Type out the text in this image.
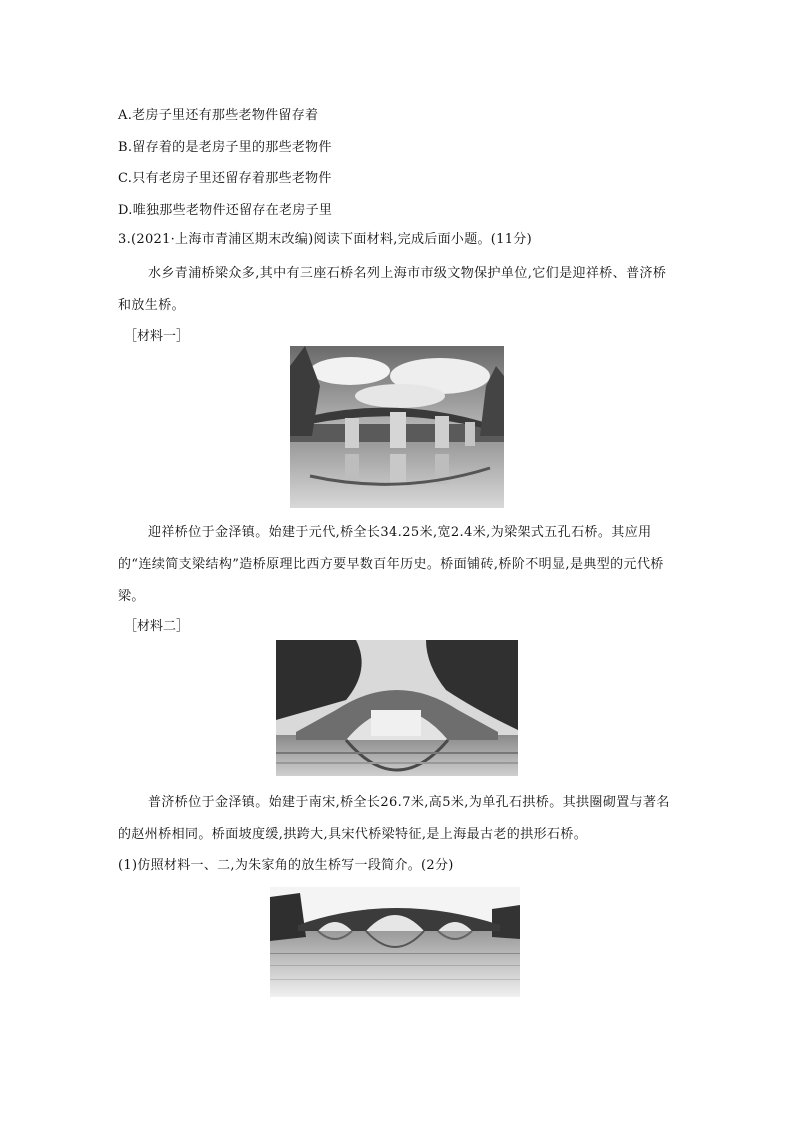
A.老房子里还有那些老物件留存着
B.留存着的是老房子里的那些老物件
C.只有老房子里还留存着那些老物件
D.唯独那些老物件还留存在老房子里
3.(2021·上海市青浦区期末改编)阅读下面材料,完成后面小题。(11分)
水乡青浦桥梁众多,其中有三座石桥名列上海市市级文物保护单位,它们是迎祥桥、普济桥和放生桥。
［材料一］
迎祥桥位于金泽镇。始建于元代,桥全长34.25米,宽2.4米,为梁架式五孔石桥。其应用的“连续简支梁结构”造桥原理比西方要早数百年历史。桥面铺砖,桥阶不明显,是典型的元代桥梁。
［材料二］
普济桥位于金泽镇。始建于南宋,桥全长26.7米,高5米,为单孔石拱桥。其拱圈砌置与著名的赵州桥相同。桥面坡度缓,拱跨大,具宋代桥梁特征,是上海最古老的拱形石桥。
(1)仿照材料一、二,为朱家角的放生桥写一段简介。(2分)
